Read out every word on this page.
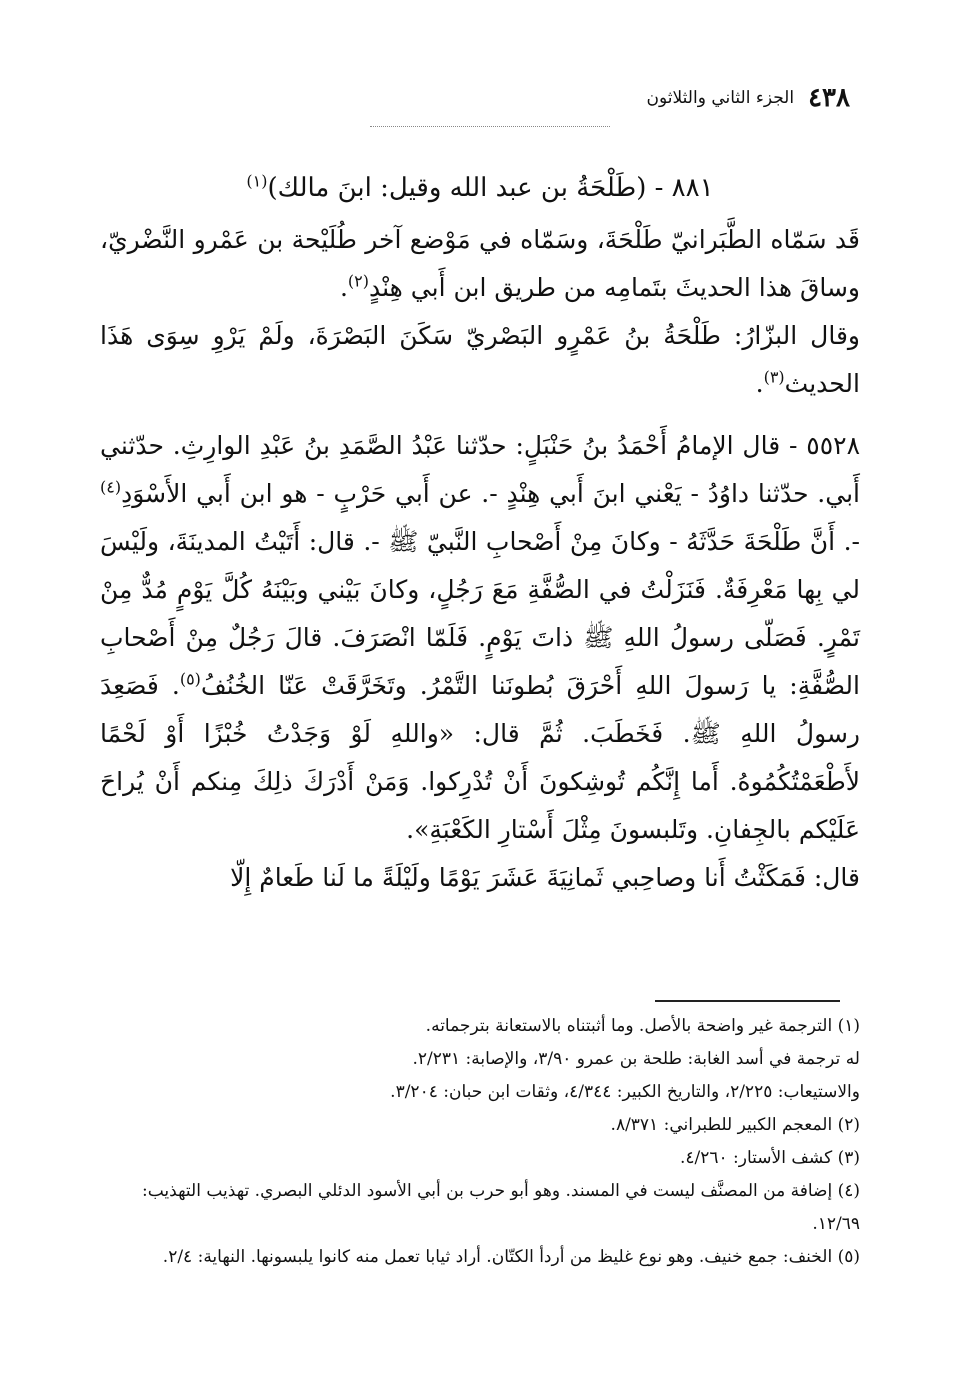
٤٣٨
الجزء الثاني والثلاثون

٨٨١ - (طَلْحَةُ بن عبد الله وقيل: ابنَ مالك)$^{(١)}$

قَد سَمّاه الطَّبَرانيّ طَلْحَةَ، وسَمّاه في مَوْضع آخر طُلَيْحة بن عَمْرو النَّضْريّ، وساقَ هذا الحديثَ بتَمامِه من طريق ابن أَبي هِنْدٍ$^{(٢)}$.

وقال البزّارُ: طَلْحَةُ بنُ عَمْرٍو البَصْريّ سَكَنَ البَصْرَةَ، ولَمْ يَرْوِ سِوَى هَذَا الحديث$^{(٣)}$.

٥٥٢٨ - قال الإمامُ أَحْمَدُ بنُ حَنْبَلٍ: حدّثنا عَبْدُ الصَّمَدِ بنُ عَبْدِ الوارِثِ. حدّثني أَبي. حدّثنا داوُدُ - يَعْني ابنَ أَبي هِنْدٍ -. عن أَبي حَرْبٍ - هو ابن أَبي الأَسْوَدِ$^{(٤)}$ -. أَنَّ طَلْحَةَ حَدَّثَهُ - وكانَ مِنْ أَصْحابِ النَّبيّ ﷺ -. قال: أَتَيْتُ المدينَةَ، ولَيْسَ لي بِها مَعْرِفَةٌ. فَنَزَلْتُ في الصُّفَّةِ مَعَ رَجُلٍ، وكانَ بَيْني وبَيْنَهُ كُلَّ يَوْمٍ مُدٌّ مِنْ تَمْرٍ. فَصَلّى رسولُ اللهِ ﷺ ذاتَ يَوْمٍ. فَلَمّا انْصَرَفَ. قالَ رَجُلٌ مِنْ أَصْحابِ الصُّفَّةِ: يا رَسولَ اللهِ أَحْرَقَ بُطونَنا التَّمْرُ. وتَخَرَّقَتْ عَنّا الخُنُفُ$^{(٥)}$. فَصَعِدَ رسولُ اللهِ ﷺ. فَخَطَبَ. ثُمَّ قال: «واللهِ لَوْ وَجَدْتُ خُبْزًا أَوْ لَحْمًا لأَطْعَمْتُكُمُوهُ. أَما إِنَّكُم تُوشِكونَ أَنْ تُدْرِكوا. وَمَنْ أَدْرَكَ ذلِكَ مِنكم أَنْ يُراحَ عَلَيْكم بالجِفانِ. وتَلبسونَ مِثْلَ أَسْتارِ الكَعْبَةِ».

قال: فَمَكَثْتُ أَنا وصاحِبي ثَمانِيَةَ عَشَرَ يَوْمًا ولَيْلَةً ما لَنا طَعامٌ إِلّا

(١) الترجمة غير واضحة بالأصل. وما أثبتناه بالاستعانة بترجماته.

له ترجمة في أسد الغابة: طلحة بن عمرو ٣/٩٠، والإصابة: ٢/٢٣١.

والاستيعاب: ٢/٢٢٥، والتاريخ الكبير: ٤/٣٤٤، وثقات ابن حبان: ٣/٢٠٤.

(٢) المعجم الكبير للطبراني: ٨/٣٧١.

(٣) كشف الأستار: ٤/٢٦٠.

(٤) إضافة من المصنَّف ليست في المسند. وهو أبو حرب بن أبي الأسود الدئلي البصري. تهذيب التهذيب: ١٢/٦٩.

(٥) الخنف: جمع خنيف. وهو نوع غليظ من أردأ الكتّان. أراد ثيابا تعمل منه كانوا يلبسونها. النهاية: ٢/٤.
